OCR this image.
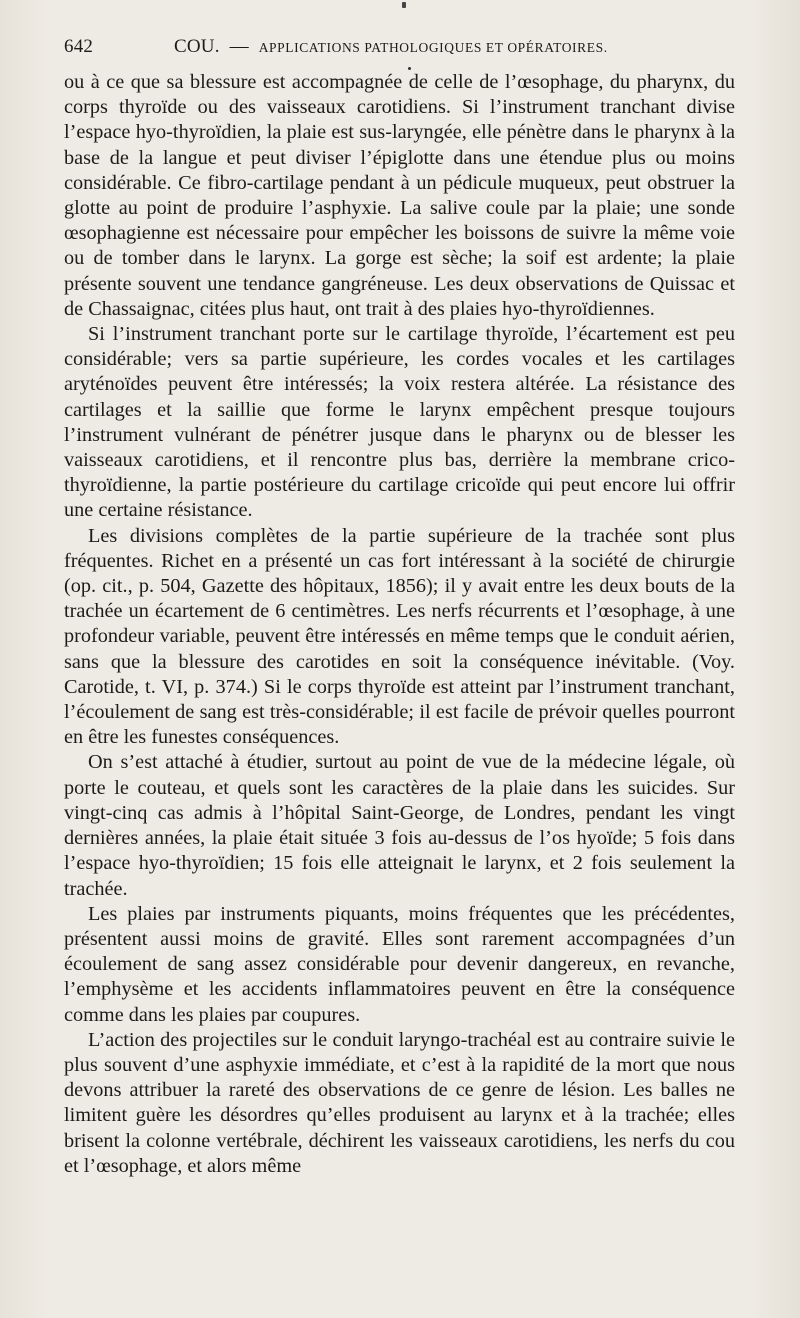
642	COU. — APPLICATIONS PATHOLOGIQUES ET OPÉRATOIRES.

ou à ce que sa blessure est accompagnée de celle de l’œsophage, du pharynx, du corps thyroïde ou des vaisseaux carotidiens. Si l’instrument tranchant divise l’espace hyo-thyroïdien, la plaie est sus-laryngée, elle pénètre dans le pharynx à la base de la langue et peut diviser l’épiglotte dans une étendue plus ou moins considérable. Ce fibro-cartilage pendant à un pédicule muqueux, peut obstruer la glotte au point de produire l’asphyxie. La salive coule par la plaie; une sonde œsophagienne est nécessaire pour empêcher les boissons de suivre la même voie ou de tomber dans le larynx. La gorge est sèche; la soif est ardente; la plaie présente souvent une tendance gangréneuse. Les deux observations de Quissac et de Chassaignac, citées plus haut, ont trait à des plaies hyo-thyroïdiennes.

Si l’instrument tranchant porte sur le cartilage thyroïde, l’écartement est peu considérable; vers sa partie supérieure, les cordes vocales et les cartilages aryténoïdes peuvent être intéressés; la voix restera altérée. La résistance des cartilages et la saillie que forme le larynx empêchent presque toujours l’instrument vulnérant de pénétrer jusque dans le pharynx ou de blesser les vaisseaux carotidiens, et il rencontre plus bas, derrière la membrane crico-thyroïdienne, la partie postérieure du cartilage cricoïde qui peut encore lui offrir une certaine résistance.

Les divisions complètes de la partie supérieure de la trachée sont plus fréquentes. Richet en a présenté un cas fort intéressant à la société de chirurgie (op. cit., p. 504, Gazette des hôpitaux, 1856); il y avait entre les deux bouts de la trachée un écartement de 6 centimètres. Les nerfs récurrents et l’œsophage, à une profondeur variable, peuvent être intéressés en même temps que le conduit aérien, sans que la blessure des carotides en soit la conséquence inévitable. (Voy. Carotide, t. VI, p. 374.) Si le corps thyroïde est atteint par l’instrument tranchant, l’écoulement de sang est très-considérable; il est facile de prévoir quelles pourront en être les funestes conséquences.

On s’est attaché à étudier, surtout au point de vue de la médecine légale, où porte le couteau, et quels sont les caractères de la plaie dans les suicides. Sur vingt-cinq cas admis à l’hôpital Saint-George, de Londres, pendant les vingt dernières années, la plaie était située 3 fois au-dessus de l’os hyoïde; 5 fois dans l’espace hyo-thyroïdien; 15 fois elle atteignait le larynx, et 2 fois seulement la trachée.

Les plaies par instruments piquants, moins fréquentes que les précédentes, présentent aussi moins de gravité. Elles sont rarement accompagnées d’un écoulement de sang assez considérable pour devenir dangereux, en revanche, l’emphysème et les accidents inflammatoires peuvent en être la conséquence comme dans les plaies par coupures.

L’action des projectiles sur le conduit laryngo-trachéal est au contraire suivie le plus souvent d’une asphyxie immédiate, et c’est à la rapidité de la mort que nous devons attribuer la rareté des observations de ce genre de lésion. Les balles ne limitent guère les désordres qu’elles produisent au larynx et à la trachée; elles brisent la colonne vertébrale, déchirent les vaisseaux carotidiens, les nerfs du cou et l’œsophage, et alors même
